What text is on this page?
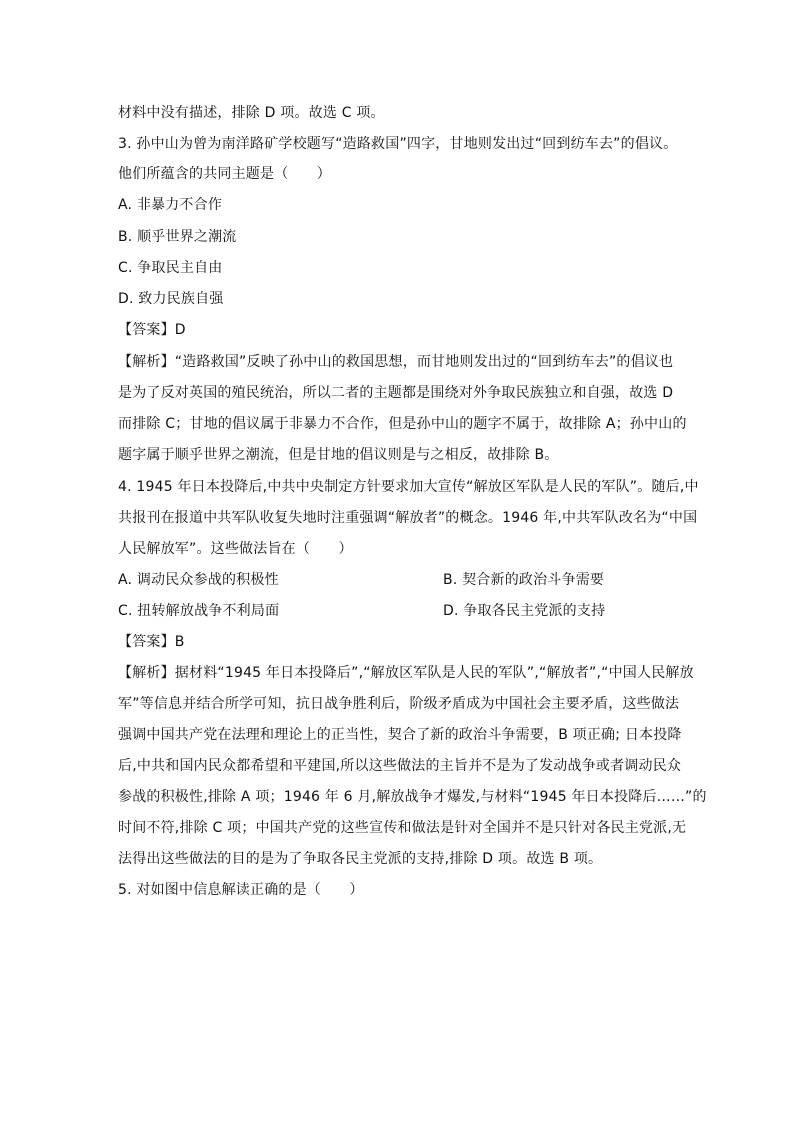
材料中没有描述，排除 D 项。故选 C 项。
3. 孙中山为曾为南洋路矿学校题写“造路救国”四字，甘地则发出过“回到纺车去”的倡议。
他们所蕴含的共同主题是（　　）
A. 非暴力不合作
B. 顺乎世界之潮流
C. 争取民主自由
D. 致力民族自强
【答案】D
【解析】“造路救国”反映了孙中山的救国思想，而甘地则发出过的“回到纺车去”的倡议也
是为了反对英国的殖民统治，所以二者的主题都是围绕对外争取民族独立和自强，故选 D
而排除 C；甘地的倡议属于非暴力不合作，但是孙中山的题字不属于，故排除 A；孙中山的
题字属于顺乎世界之潮流，但是甘地的倡议则是与之相反，故排除 B。
4. 1945 年日本投降后,中共中央制定方针要求加大宣传“解放区军队是人民的军队”。随后,中
共报刊在报道中共军队收复失地时注重强调“解放者”的概念。1946 年,中共军队改名为“中国
人民解放军”。这些做法旨在（　　）
A. 调动民众参战的积极性	B. 契合新的政治斗争需要
C. 扭转解放战争不利局面	D. 争取各民主党派的支持
【答案】B
【解析】据材料“1945 年日本投降后”,“解放区军队是人民的军队”,“解放者”,“中国人民解放
军”等信息并结合所学可知，抗日战争胜利后，阶级矛盾成为中国社会主要矛盾，这些做法
强调中国共产党在法理和理论上的正当性，契合了新的政治斗争需要，B 项正确; 日本投降
后,中共和国内民众都希望和平建国,所以这些做法的主旨并不是为了发动战争或者调动民众
参战的积极性,排除 A 项；1946 年 6 月,解放战争才爆发,与材料“1945 年日本投降后……”的
时间不符,排除 C 项；中国共产党的这些宣传和做法是针对全国并不是只针对各民主党派,无
法得出这些做法的目的是为了争取各民主党派的支持,排除 D 项。故选 B 项。
5. 对如图中信息解读正确的是（　　）
